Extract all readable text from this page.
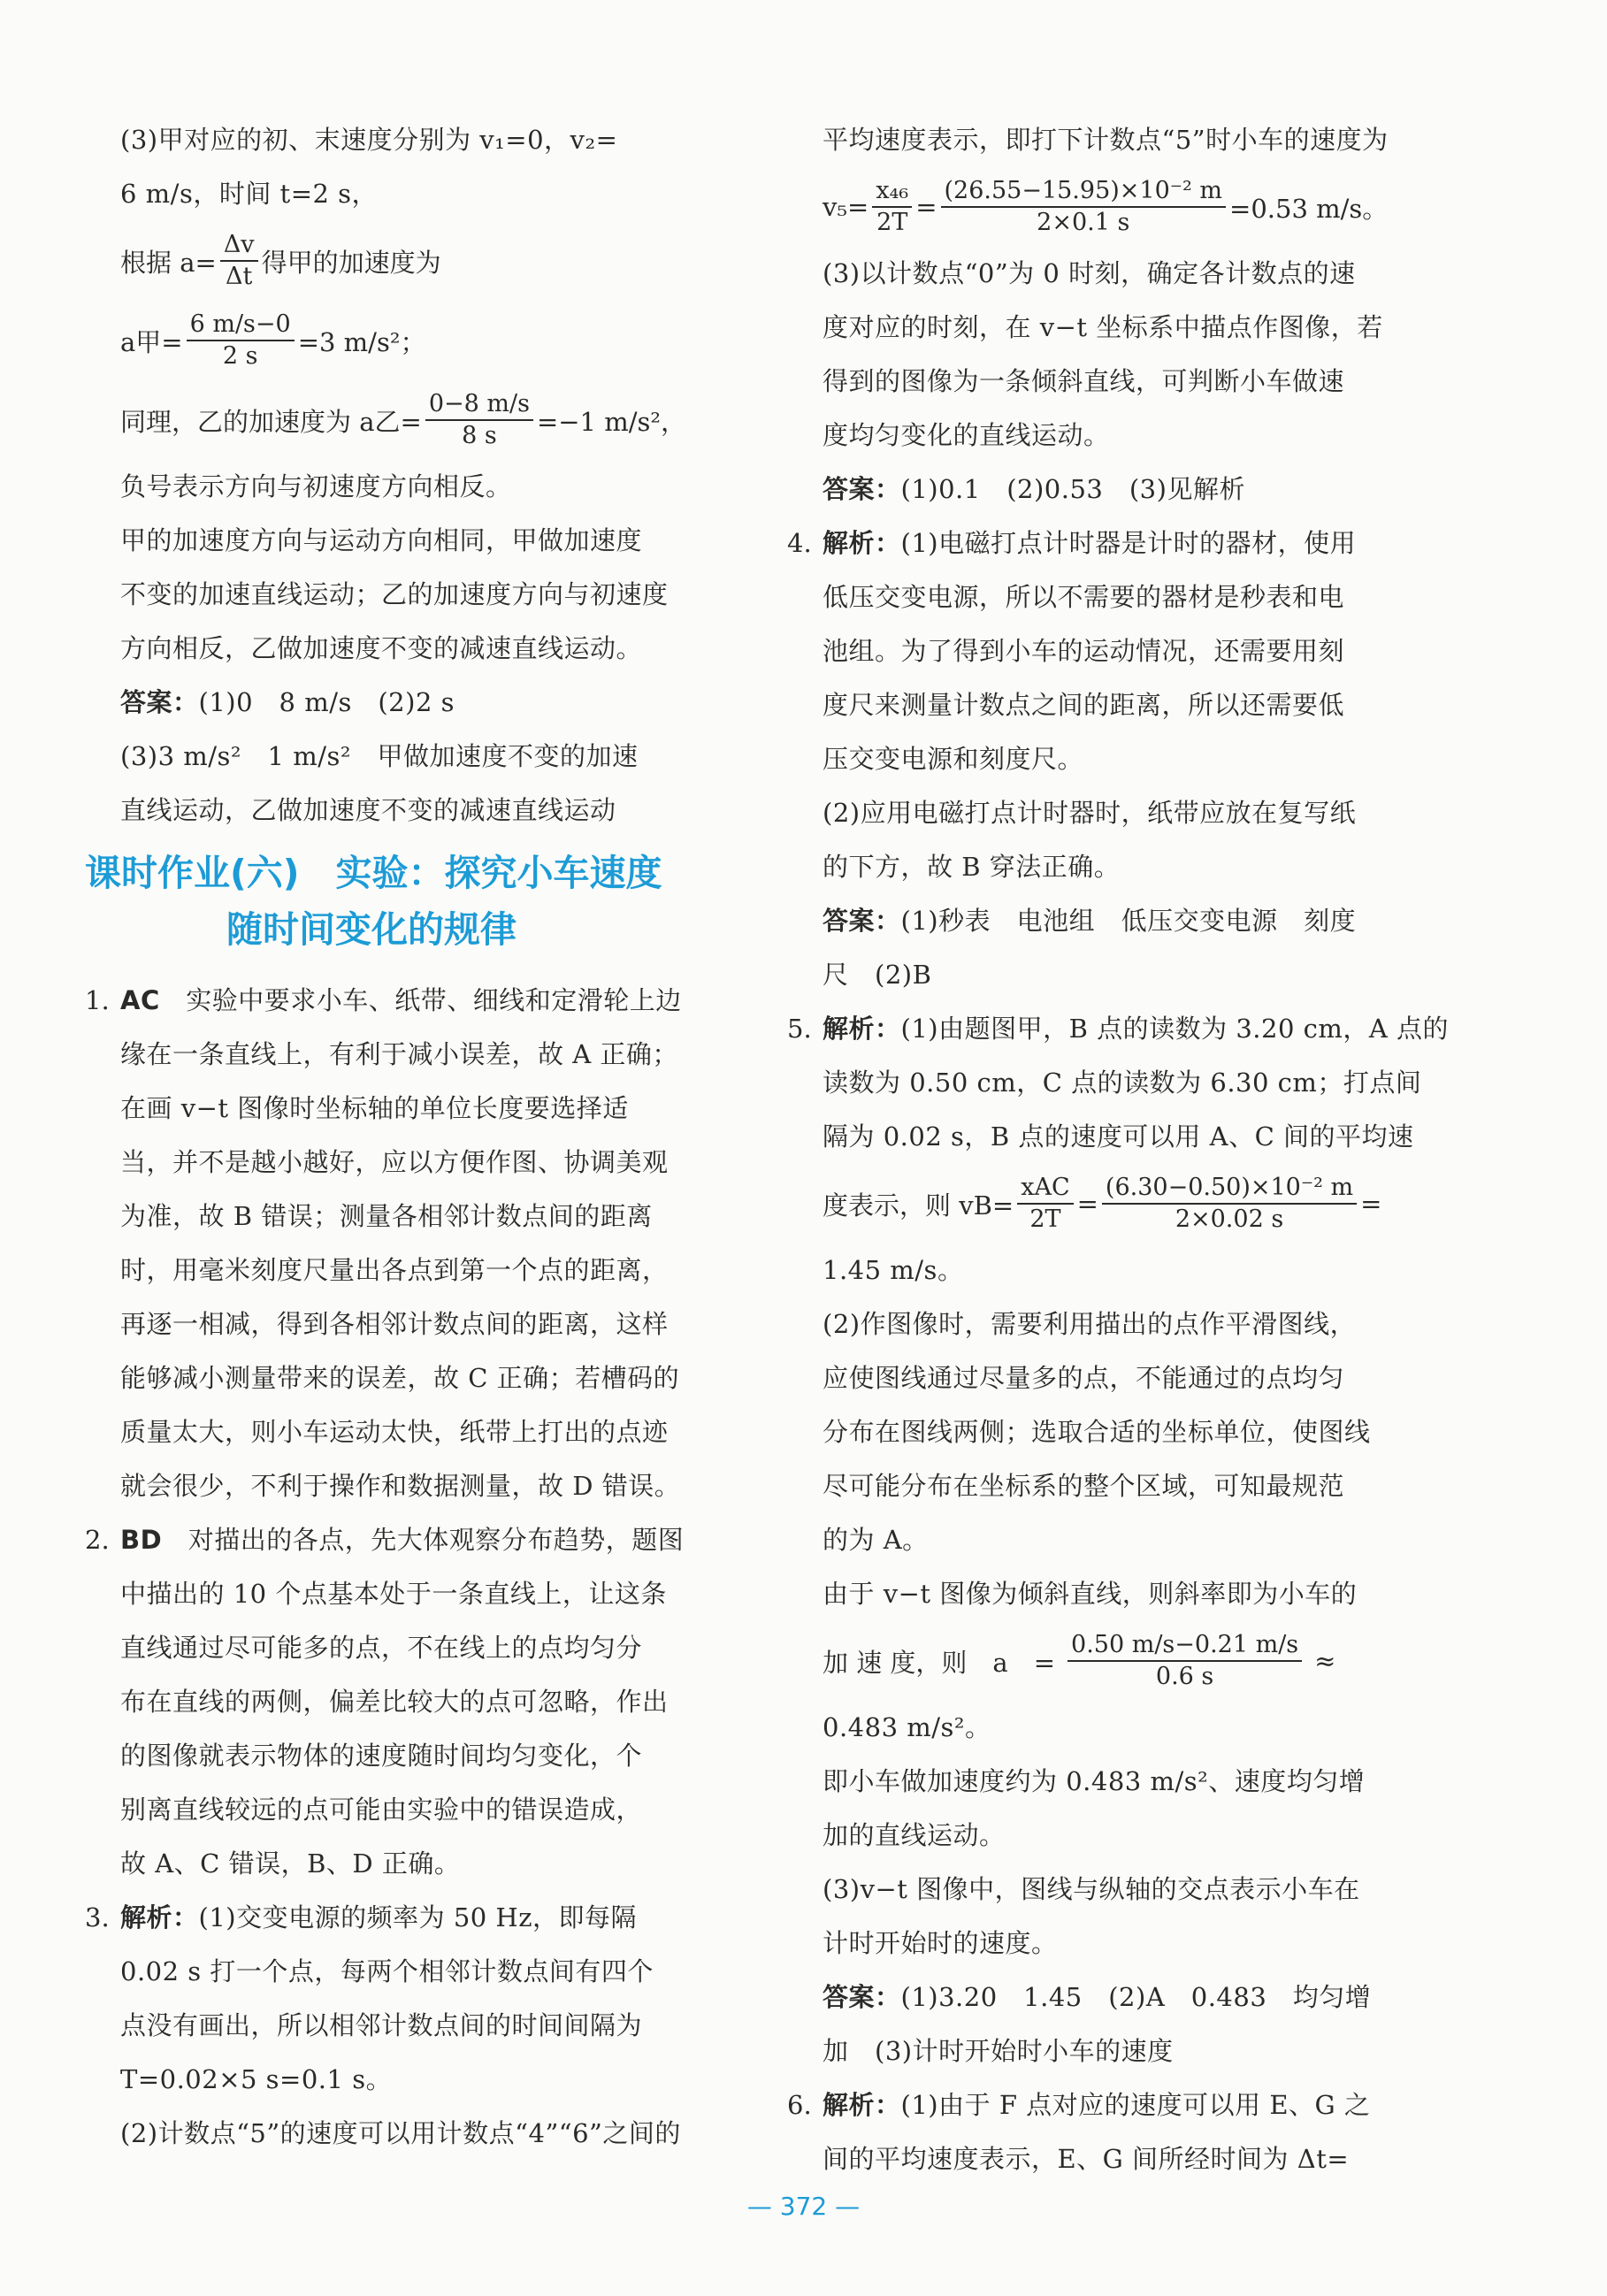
(3)甲对应的初、末速度分别为 v₁=0，v₂=

6 m/s，时间 t=2 s，

根据 $a= \frac{\Delta v}{\Delta t}$ 得甲的加速度为
a甲= $\frac{6 m/s-0}{2 s} =3$ m/s²；
同理，乙的加速度为 a乙= $\frac{0-8 m/s}{8 s} =-1$ m/s²，

负号表示方向与初速度方向相反。

甲的加速度方向与运动方向相同，甲做加速度

不变的加速直线运动；乙的加速度方向与初速度

方向相反，乙做加速度不变的减速直线运动。

答案：(1)0　8 m/s　(2)2 s

(3)3 m/s²　1 m/s²　甲做加速度不变的加速

直线运动，乙做加速度不变的减速直线运动

课时作业(六)　实验：探究小车速度

随时间变化的规律

1. AC　实验中要求小车、纸带、细线和定滑轮上边

缘在一条直线上，有利于减小误差，故 A 正确；

在画 v−t 图像时坐标轴的单位长度要选择适

当，并不是越小越好，应以方便作图、协调美观

为准，故 B 错误；测量各相邻计数点间的距离

时，用毫米刻度尺量出各点到第一个点的距离，

再逐一相减，得到各相邻计数点间的距离，这样

能够减小测量带来的误差，故 C 正确；若槽码的

质量太大，则小车运动太快，纸带上打出的点迹

就会很少，不利于操作和数据测量，故 D 错误。

2. BD　对描出的各点，先大体观察分布趋势，题图

中描出的 10 个点基本处于一条直线上，让这条

直线通过尽可能多的点，不在线上的点均匀分

布在直线的两侧，偏差比较大的点可忽略，作出

的图像就表示物体的速度随时间均匀变化，个

别离直线较远的点可能由实验中的错误造成，

故 A、C 错误，B、D 正确。

3. 解析：(1)交变电源的频率为 50 Hz，即每隔

0.02 s 打一个点，每两个相邻计数点间有四个

点没有画出，所以相邻计数点间的时间间隔为

T=0.02×5 s=0.1 s。

(2)计数点“5”的速度可以用计数点“4”“6”之间的

平均速度表示，即打下计数点“5”时小车的速度为

$v_5= \frac{\text{x₄₆}}{2T} = \frac{\text{(26.55−15.95)×10⁻² m}}{2\times 0.1 s} =0.53$ m/s。

(3)以计数点“0”为 0 时刻，确定各计数点的速

度对应的时刻，在 v−t 坐标系中描点作图像，若

得到的图像为一条倾斜直线，可判断小车做速

度均匀变化的直线运动。

答案：(1)0.1　(2)0.53　(3)见解析

4. 解析：(1)电磁打点计时器是计时的器材，使用

低压交变电源，所以不需要的器材是秒表和电

池组。为了得到小车的运动情况，还需要用刻

度尺来测量计数点之间的距离，所以还需要低

压交变电源和刻度尺。

(2)应用电磁打点计时器时，纸带应放在复写纸

的下方，故 B 穿法正确。

答案：(1)秒表　电池组　低压交变电源　刻度

尺　(2)B

5. 解析：(1)由题图甲，B 点的读数为 3.20 cm，A 点的

读数为 0.50 cm，C 点的读数为 6.30 cm；打点间

隔为 0.02 s，B 点的速度可以用 A、C 间的平均速

度表示，则 $vB= \frac{\text{xAC}}{2T} = \frac{\text{(6.30−0.50)×10⁻² m}}{2\times 0.02 s}$ =

1.45 m/s。

(2)作图像时，需要利用描出的点作平滑图线，

应使图线通过尽量多的点，不能通过的点均匀

分布在图线两侧；选取合适的坐标单位，使图线

尽可能分布在坐标系的整个区域，可知最规范

的为 A。

由于 v−t 图像为倾斜直线，则斜率即为小车的

加 速 度，则　a　= $\frac{0.50 m/s-0.21 m/s}{0.6 s}$ ≈

0.483 m/s²。

即小车做加速度约为 0.483 m/s²、速度均匀增

加的直线运动。

(3)v−t 图像中，图线与纵轴的交点表示小车在

计时开始时的速度。

答案：(1)3.20　1.45　(2)A　0.483　均匀增

加　(3)计时开始时小车的速度

6. 解析：(1)由于 F 点对应的速度可以用 E、G 之

间的平均速度表示，E、G 间所经时间为 Δt=

— 372 —
